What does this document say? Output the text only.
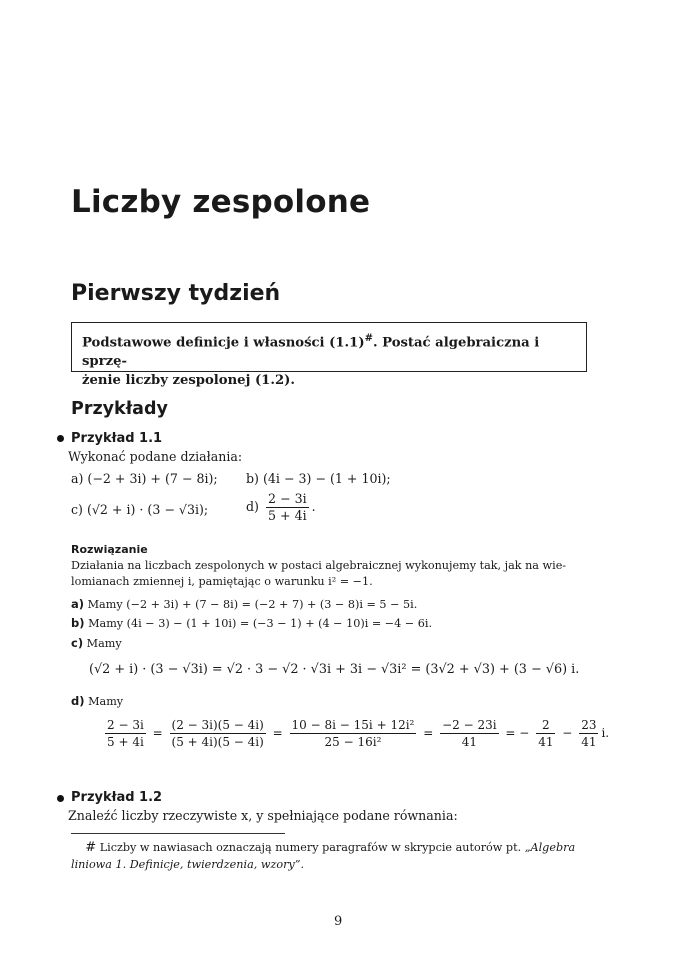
Liczby zespolone
Pierwszy tydzień
Podstawowe definicje i własności (1.1)#. Postać algebraiczna i sprzę-
żenie liczby zespolonej (1.2).
Przykłady
Przykład 1.1
Wykonać podane działania:
a) (−2 + 3i) + (7 − 8i); b) (4i − 3) − (1 + 10i);
c) (√2 + i) · (3 − √3i);	$d) \frac{2 - 3i}{5 + 4i}$ .
Rozwiązanie
Działania na liczbach zespolonych w postaci algebraicznej wykonujemy tak, jak na wie-
lomianach zmiennej i, pamiętając o warunku i² = −1.
a) Mamy (−2 + 3i) + (7 − 8i) = (−2 + 7) + (3 − 8)i = 5 − 5i.
b) Mamy (4i − 3) − (1 + 10i) = (−3 − 1) + (4 − 10)i = −4 − 6i.
c) Mamy
(√2 + i) · (3 − √3i) = √2 · 3 − √2 · √3i + 3i − √3i² = (3√2 + √3) + (3 − √6) i.
d) Mamy
$\frac{2 - 3i}{5 + 4i} = \frac{(2 - 3i)(5 - 4i)}{(5 + 4i)(5 - 4i)} = \frac{\text{10 − 8i − 15i + 12i²}}{\text{25 − 16i²}} = \frac{-2 - 23i}{41}$ = − $\frac{2}{41} - \frac{23}{41} i$.
Przykład 1.2
Znaleźć liczby rzeczywiste x, y spełniające podane równania:
# Liczby w nawiasach oznaczają numery paragrafów w skrypcie autorów pt. „Algebra liniowa 1. Definicje, twierdzenia, wzory”.
9
